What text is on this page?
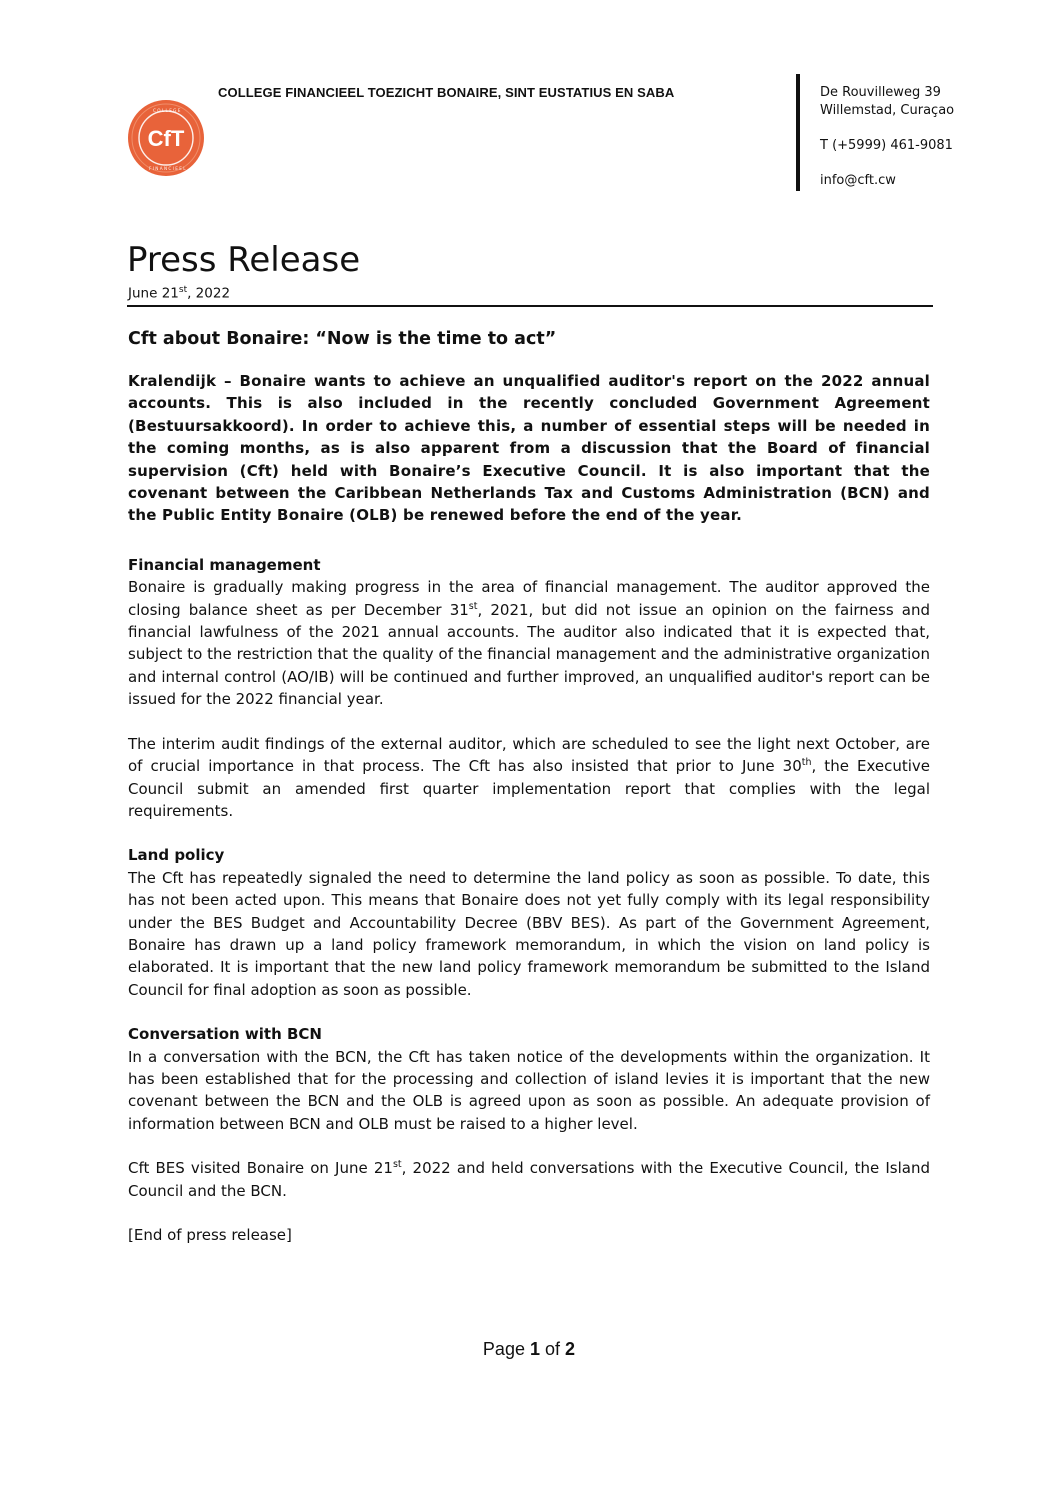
CfT
C O L L E G E
F I N A N C I E E L
COLLEGE FINANCIEEL TOEZICHT BONAIRE, SINT EUSTATIUS EN SABA	De Rouvilleweg 39
Willemstad, Curaçao
T (+5999) 461-9081
info@cft.cw
Press Release
June 21st, 2022
Cft about Bonaire: “Now is the time to act”

Kralendijk – Bonaire wants to achieve an unqualified auditor's report on the 2022 annual accounts. This is also included in the recently concluded Government Agreement (Bestuursakkoord). In order to achieve this, a number of essential steps will be needed in the coming months, as is also apparent from a discussion that the Board of financial supervision (Cft) held with Bonaire’s Executive Council. It is also important that the covenant between the Caribbean Netherlands Tax and Customs Administration (BCN) and the Public Entity Bonaire (OLB) be renewed before the end of the year.

Financial management

Bonaire is gradually making progress in the area of financial management. The auditor approved the closing balance sheet as per December 31st, 2021, but did not issue an opinion on the fairness and financial lawfulness of the 2021 annual accounts. The auditor also indicated that it is expected that, subject to the restriction that the quality of the financial management and the administrative organization and internal control (AO/IB) will be continued and further improved, an unqualified auditor's report can be issued for the 2022 financial year.

The interim audit findings of the external auditor, which are scheduled to see the light next October, are of crucial importance in that process. The Cft has also insisted that prior to June 30th, the Executive Council submit an amended first quarter implementation report that complies with the legal requirements.

Land policy

The Cft has repeatedly signaled the need to determine the land policy as soon as possible. To date, this has not been acted upon. This means that Bonaire does not yet fully comply with its legal responsibility under the BES Budget and Accountability Decree (BBV BES). As part of the Government Agreement, Bonaire has drawn up a land policy framework memorandum, in which the vision on land policy is elaborated. It is important that the new land policy framework memorandum be submitted to the Island Council for final adoption as soon as possible.

Conversation with BCN

In a conversation with the BCN, the Cft has taken notice of the developments within the organization. It has been established that for the processing and collection of island levies it is important that the new covenant between the BCN and the OLB is agreed upon as soon as possible. An adequate provision of information between BCN and OLB must be raised to a higher level.

Cft BES visited Bonaire on June 21st, 2022 and held conversations with the Executive Council, the Island Council and the BCN.

[End of press release]

Page 1 of 2
